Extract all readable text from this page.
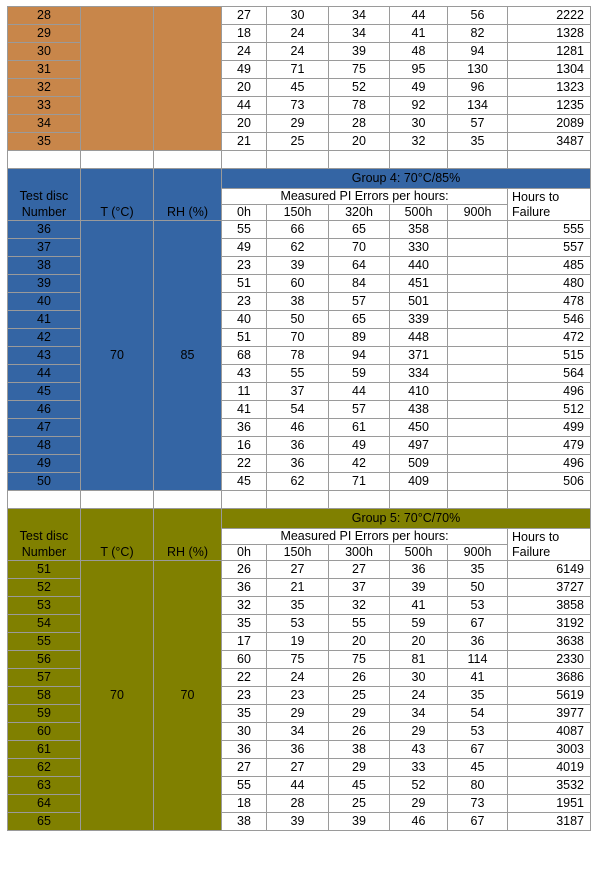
28			27	30	34	44	56	2222
29			18	24	34	41	82	1328
30			24	24	39	48	94	1281
31			49	71	75	95	130	1304
32			20	45	52	49	96	1323
33			44	73	78	92	134	1235
34			20	29	28	30	57	2089
35			21	25	20	32	35	3487

			Group 4: 70°C/85%					
Test disc			Measured PI Errors per hours:					Hours to
Failure

Number	T (°C)	RH (%)	0h	150h	320h	500h	900h	
36	70	85	55	66	65	358		555
37			49	62	70	330		557
38			23	39	64	440		485
39			51	60	84	451		480
40			23	38	57	501		478
41			40	50	65	339		546
42			51	70	89	448		472
43			68	78	94	371		515
44			43	55	59	334		564
45			11	37	44	410		496
46			41	54	57	438		512
47			36	46	61	450		499
48			16	36	49	497		479
49			22	36	42	509		496
50			45	62	71	409		506

			Group 5: 70°C/70%					
Test disc			Measured PI Errors per hours:					Hours to
Failure

Number	T (°C)	RH (%)	0h	150h	300h	500h	900h	
51	70	70	26	27	27	36	35	6149
52			36	21	37	39	50	3727
53			32	35	32	41	53	3858
54			35	53	55	59	67	3192
55			17	19	20	20	36	3638
56			60	75	75	81	114	2330
57			22	24	26	30	41	3686
58			23	23	25	24	35	5619
59			35	29	29	34	54	3977
60			30	34	26	29	53	4087
61			36	36	38	43	67	3003
62			27	27	29	33	45	4019
63			55	44	45	52	80	3532
64			18	28	25	29	73	1951
65			38	39	39	46	67	3187
